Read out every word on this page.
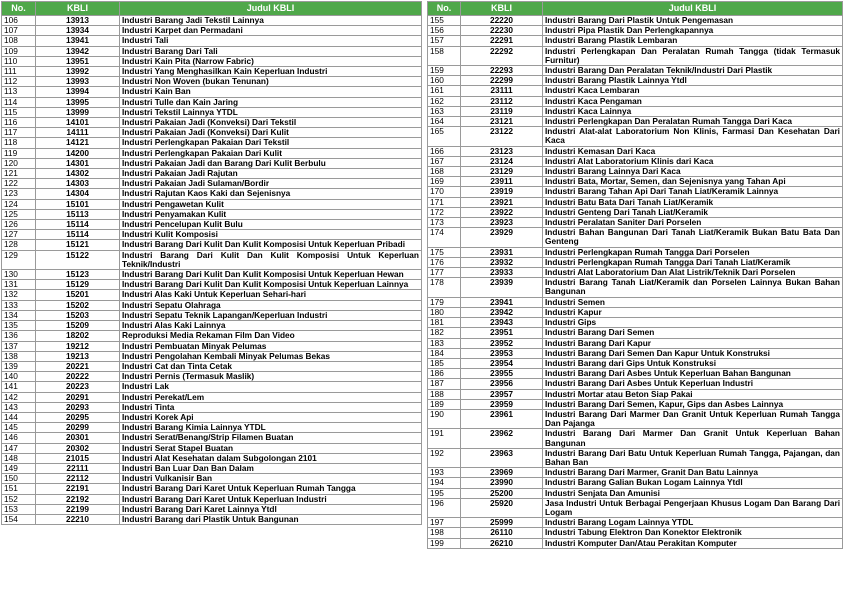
No.	KBLI	Judul KBLI
106	13913	Industri Barang Jadi Tekstil Lainnya
107	13934	Industri Karpet dan Permadani
108	13941	Industri Tali
109	13942	Industri Barang Dari Tali
110	13951	Industri Kain Pita (Narrow Fabric)
111	13992	Industri Yang Menghasilkan Kain Keperluan Industri
112	13993	Industri Non Woven (bukan Tenunan)
113	13994	Industri Kain Ban
114	13995	Industri Tulle dan Kain Jaring
115	13999	Industri Tekstil Lainnya YTDL
116	14101	Industri Pakaian Jadi (Konveksi) Dari Tekstil
117	14111	Industri Pakaian Jadi (Konveksi) Dari Kulit
118	14121	Industri Perlengkapan Pakaian Dari Tekstil
119	14200	Industri Perlengkapan Pakaian Dari Kulit
120	14301	Industri Pakaian Jadi dan Barang Dari Kulit Berbulu
121	14302	Industri Pakaian Jadi Rajutan
122	14303	Industri Pakaian Jadi Sulaman/Bordir
123	14304	Industri Rajutan Kaos Kaki dan Sejenisnya
124	15101	Industri Pengawetan Kulit
125	15113	Industri Penyamakan Kulit
126	15114	Industri Pencelupan Kulit Bulu
127	15114	Industri Kulit Komposisi
128	15121	Industri Barang Dari Kulit Dan Kulit Komposisi Untuk Keperluan Pribadi
129	15122	Industri Barang Dari Kulit Dan Kulit Komposisi Untuk Keperluan Teknik/Industri
130	15123	Industri Barang Dari Kulit Dan Kulit Komposisi Untuk Keperluan Hewan
131	15129	Industri Barang Dari Kulit Dan Kulit Komposisi Untuk Keperluan Lainnya
132	15201	Industri Alas Kaki Untuk Keperluan Sehari-hari
133	15202	Industri Sepatu Olahraga
134	15203	Industri Sepatu Teknik Lapangan/Keperluan Industri
135	15209	Industri Alas Kaki Lainnya
136	18202	Reproduksi Media Rekaman Film Dan Video
137	19212	Industri Pembuatan Minyak Pelumas
138	19213	Industri Pengolahan Kembali Minyak Pelumas Bekas
139	20221	Industri Cat dan Tinta Cetak
140	20222	Industri Pernis (Termasuk Maslik)
141	20223	Industri Lak
142	20291	Industri Perekat/Lem
143	20293	Industri Tinta
144	20295	Industri Korek Api
145	20299	Industri Barang Kimia Lainnya YTDL
146	20301	Industri Serat/Benang/Strip Filamen Buatan
147	20302	Industri Serat Stapel Buatan
148	21015	Industri Alat Kesehatan dalam Subgolongan 2101
149	22111	Industri Ban Luar Dan Ban Dalam
150	22112	Industri Vulkanisir Ban
151	22191	Industri Barang Dari Karet Untuk Keperluan Rumah Tangga
152	22192	Industri Barang Dari Karet Untuk Keperluan Industri
153	22199	Industri Barang Dari Karet Lainnya Ytdl
154	22210	Industri Barang dari Plastik Untuk Bangunan
No.	KBLI	Judul KBLI
155	22220	Industri Barang Dari Plastik Untuk Pengemasan
156	22230	Industri Pipa Plastik Dan Perlengkapannya
157	22291	Industri Barang Plastik Lembaran
158	22292	Industri Perlengkapan Dan Peralatan Rumah Tangga (tidak Termasuk Furnitur)
159	22293	Industri Barang Dan Peralatan Teknik/Industri Dari Plastik
160	22299	Industri Barang Plastik Lainnya Ytdl
161	23111	Industri Kaca Lembaran
162	23112	Industri Kaca Pengaman
163	23119	Industri Kaca Lainnya
164	23121	Industri Perlengkapan Dan Peralatan Rumah Tangga Dari Kaca
165	23122	Industri Alat-alat Laboratorium Non Klinis, Farmasi Dan Kesehatan Dari Kaca
166	23123	Industri Kemasan Dari Kaca
167	23124	Industri Alat Laboratorium Klinis dari Kaca
168	23129	Industri Barang Lainnya Dari Kaca
169	23911	Industri Bata, Mortar, Semen, dan Sejenisnya yang Tahan Api
170	23919	Industri Barang Tahan Api Dari Tanah Liat/Keramik Lainnya
171	23921	Industri Batu Bata Dari Tanah Liat/Keramik
172	23922	Industri Genteng Dari Tanah Liat/Keramik
173	23923	Industri Peralatan Saniter Dari Porselen
174	23929	Industri Bahan Bangunan Dari Tanah Liat/Keramik Bukan Batu Bata Dan Genteng
175	23931	Industri Perlengkapan Rumah Tangga Dari Porselen
176	23932	Industri Perlengkapan Rumah Tangga Dari Tanah Liat/Keramik
177	23933	Industri Alat Laboratorium Dan Alat Listrik/Teknik Dari Porselen
178	23939	Industri Barang Tanah Liat/Keramik dan Porselen Lainnya Bukan Bahan Bangunan
179	23941	Industri Semen
180	23942	Industri Kapur
181	23943	Industri Gips
182	23951	Industri Barang Dari Semen
183	23952	Industri Barang Dari Kapur
184	23953	Industri Barang Dari Semen Dan Kapur Untuk Konstruksi
185	23954	Industri Barang dari Gips Untuk Konstruksi
186	23955	Industri Barang Dari Asbes Untuk Keperluan Bahan Bangunan
187	23956	Industri Barang Dari Asbes Untuk Keperluan Industri
188	23957	Industri Mortar atau Beton Siap Pakai
189	23959	Industri Barang Dari Semen, Kapur, Gips dan Asbes Lainnya
190	23961	Industri Barang Dari Marmer Dan Granit Untuk Keperluan Rumah Tangga Dan Pajanga
191	23962	Industri Barang Dari Marmer Dan Granit Untuk Keperluan Bahan Bangunan
192	23963	Industri Barang Dari Batu Untuk Keperluan Rumah Tangga, Pajangan, dan Bahan Ban
193	23969	Industri Barang Dari Marmer, Granit Dan Batu Lainnya
194	23990	Industri Barang Galian Bukan Logam Lainnya Ytdl
195	25200	Industri Senjata Dan Amunisi
196	25920	Jasa Industri Untuk Berbagai Pengerjaan Khusus Logam Dan Barang Dari Logam
197	25999	Industri Barang Logam Lainnya YTDL
198	26110	Industri Tabung Elektron Dan Konektor Elektronik
199	26210	Industri Komputer Dan/Atau Perakitan Komputer
